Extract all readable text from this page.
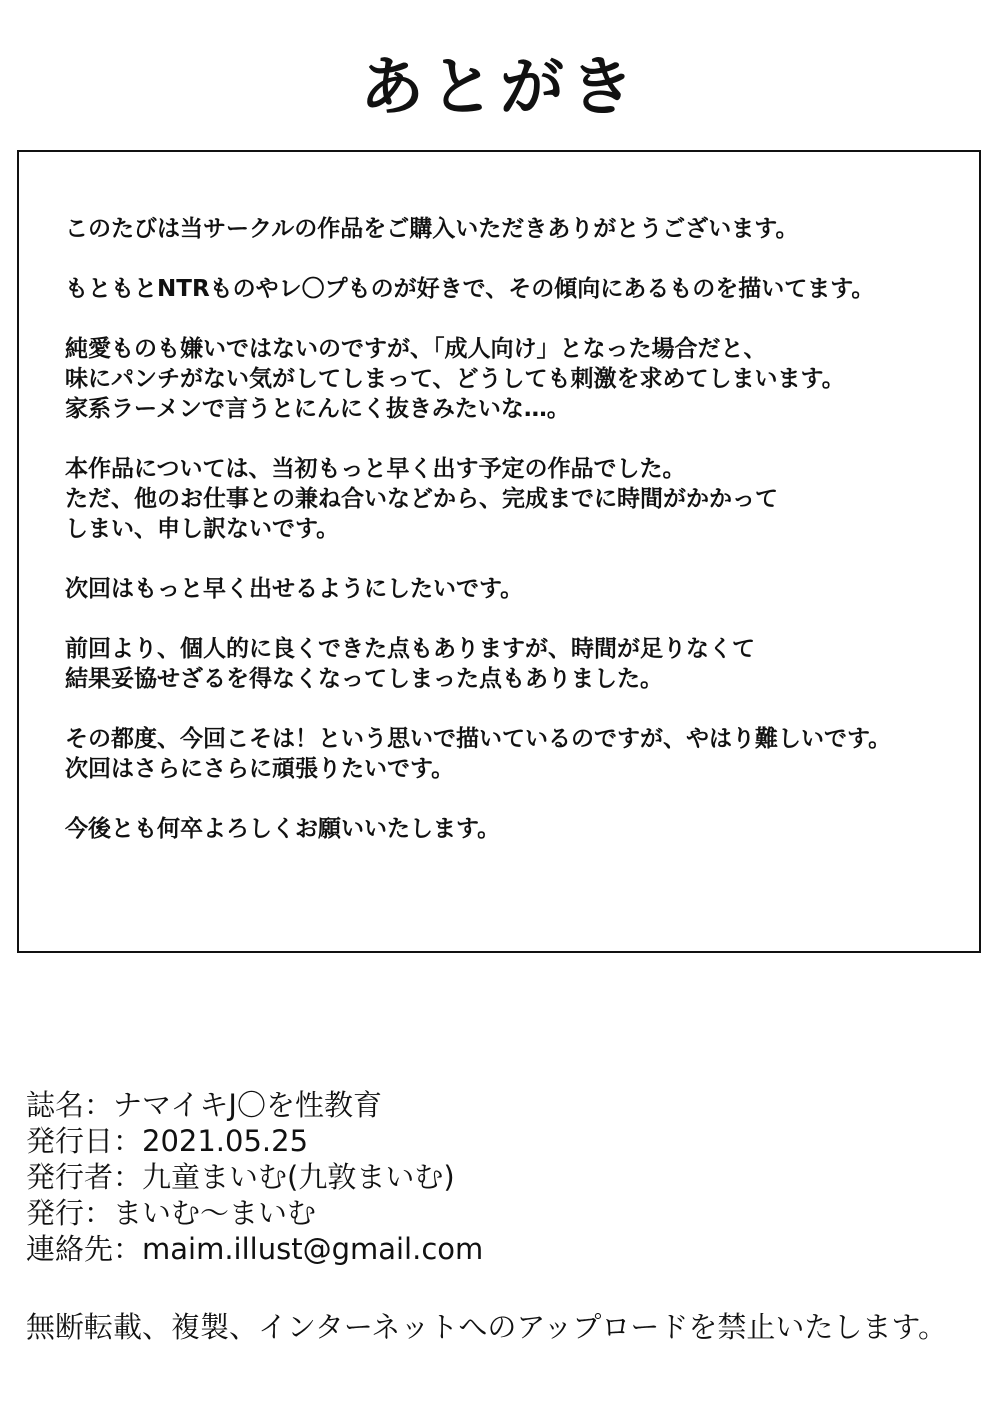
あとがき

このたびは当サークルの作品をご購入いただきありがとうございます。

もともとNTRものやレ〇プものが好きで、その傾向にあるものを描いてます。

純愛ものも嫌いではないのですが、「成人向け」となった場合だと、
味にパンチがない気がしてしまって、どうしても刺激を求めてしまいます。
家系ラーメンで言うとにんにく抜きみたいな…。

本作品については、当初もっと早く出す予定の作品でした。
ただ、他のお仕事との兼ね合いなどから、完成までに時間がかかって
しまい、申し訳ないです。

次回はもっと早く出せるようにしたいです。

前回より、個人的に良くできた点もありますが、時間が足りなくて
結果妥協せざるを得なくなってしまった点もありました。

その都度、今回こそは！という思いで描いているのですが、やはり難しいです。
次回はさらにさらに頑張りたいです。

今後とも何卒よろしくお願いいたします。

誌名：ナマイキJ〇を性教育
発行日：2021.05.25
発行者：九童まいむ(九敦まいむ)
発行：まいむ〜まいむ
連絡先：maim.illust@gmail.com
無断転載、複製、インターネットへのアップロードを禁止いたします。
